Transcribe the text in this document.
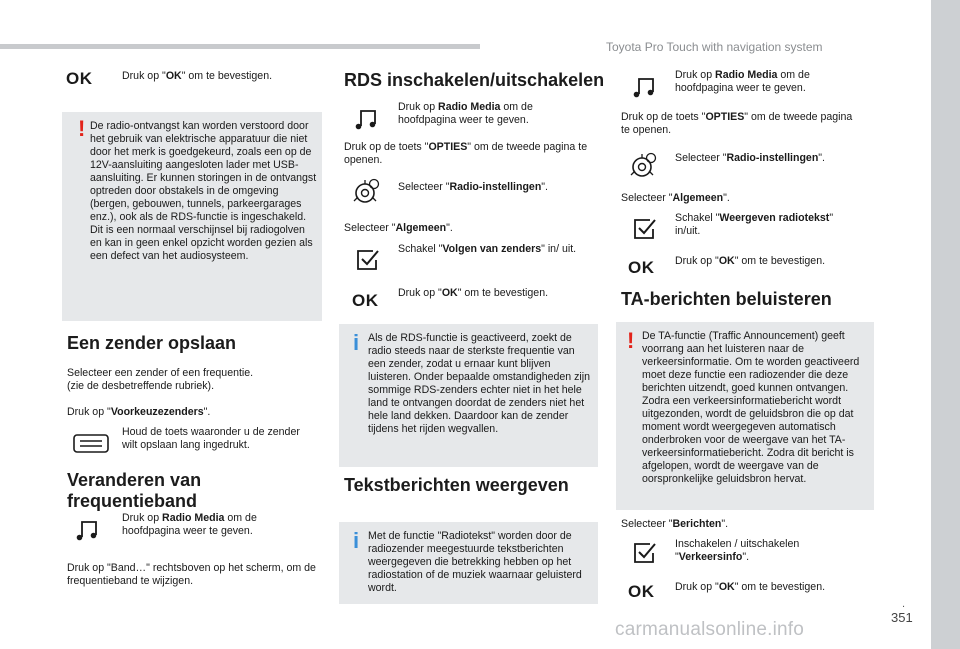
Toyota Pro Touch with navigation system
.
351
carmanualsonline.info
OK	Druk op "OK" om te bevestigen.
! De radio-ontvangst kan worden verstoord door het gebruik van elektrische apparatuur die niet door het merk is goedgekeurd, zoals een op de 12V-aansluiting aangesloten lader met USB-aansluiting. Er kunnen storingen in de ontvangst optreden door obstakels in de omgeving (bergen, gebouwen, tunnels, parkeergarages enz.), ook als de RDS-functie is ingeschakeld. Dit is een normaal verschijnsel bij radiogolven en kan in geen enkel opzicht worden gezien als een defect van het audiosysteem.
Een zender opslaan
Selecteer een zender of een frequentie.
(zie de desbetreffende rubriek).
Druk op "Voorkeuzezenders".
Houd de toets waaronder u de zender wilt opslaan lang ingedrukt.
Veranderen van
frequentieband
Druk op Radio Media om de hoofdpagina weer te geven.
Druk op "Band…" rechtsboven op het scherm, om de frequentieband te wijzigen.
RDS inschakelen/uitschakelen
Druk op Radio Media om de hoofdpagina weer te geven.
Druk op de toets "OPTIES" om de tweede pagina te openen.
Selecteer "Radio-instellingen".
Selecteer "Algemeen".
Schakel "Volgen van zenders" in/ uit.
OK Druk op "OK" om te bevestigen.
i Als de RDS-functie is geactiveerd, zoekt de radio steeds naar de sterkste frequentie van een zender, zodat u ernaar kunt blijven luisteren. Onder bepaalde omstandigheden zijn sommige RDS-zenders echter niet in het hele land te ontvangen doordat de zenders niet het hele land dekken. Daardoor kan de zender tijdens het rijden wegvallen.
Tekstberichten weergeven
i Met de functie "Radiotekst" worden door de radiozender meegestuurde tekstberichten weergegeven die betrekking hebben op het radiostation of de muziek waarnaar geluisterd wordt.
Druk op Radio Media om de hoofdpagina weer te geven.
Druk op de toets "OPTIES" om de tweede pagina te openen.
Selecteer "Radio-instellingen".
Selecteer "Algemeen".
Schakel "Weergeven radiotekst" in/uit.
OK Druk op "OK" om te bevestigen.
TA-berichten beluisteren
! De TA-functie (Traffic Announcement) geeft voorrang aan het luisteren naar de verkeersinformatie. Om te worden geactiveerd moet deze functie een radiozender die deze berichten uitzendt, goed kunnen ontvangen. Zodra een verkeersinformatiebericht wordt uitgezonden, wordt de geluidsbron die op dat moment wordt weergegeven automatisch onderbroken voor de weergave van het TA-verkeersinformatiebericht. Zodra dit bericht is afgelopen, wordt de weergave van de oorspronkelijke geluidsbron hervat.
Selecteer "Berichten".
Inschakelen / uitschakelen "Verkeersinfo".
OK Druk op "OK" om te bevestigen.
